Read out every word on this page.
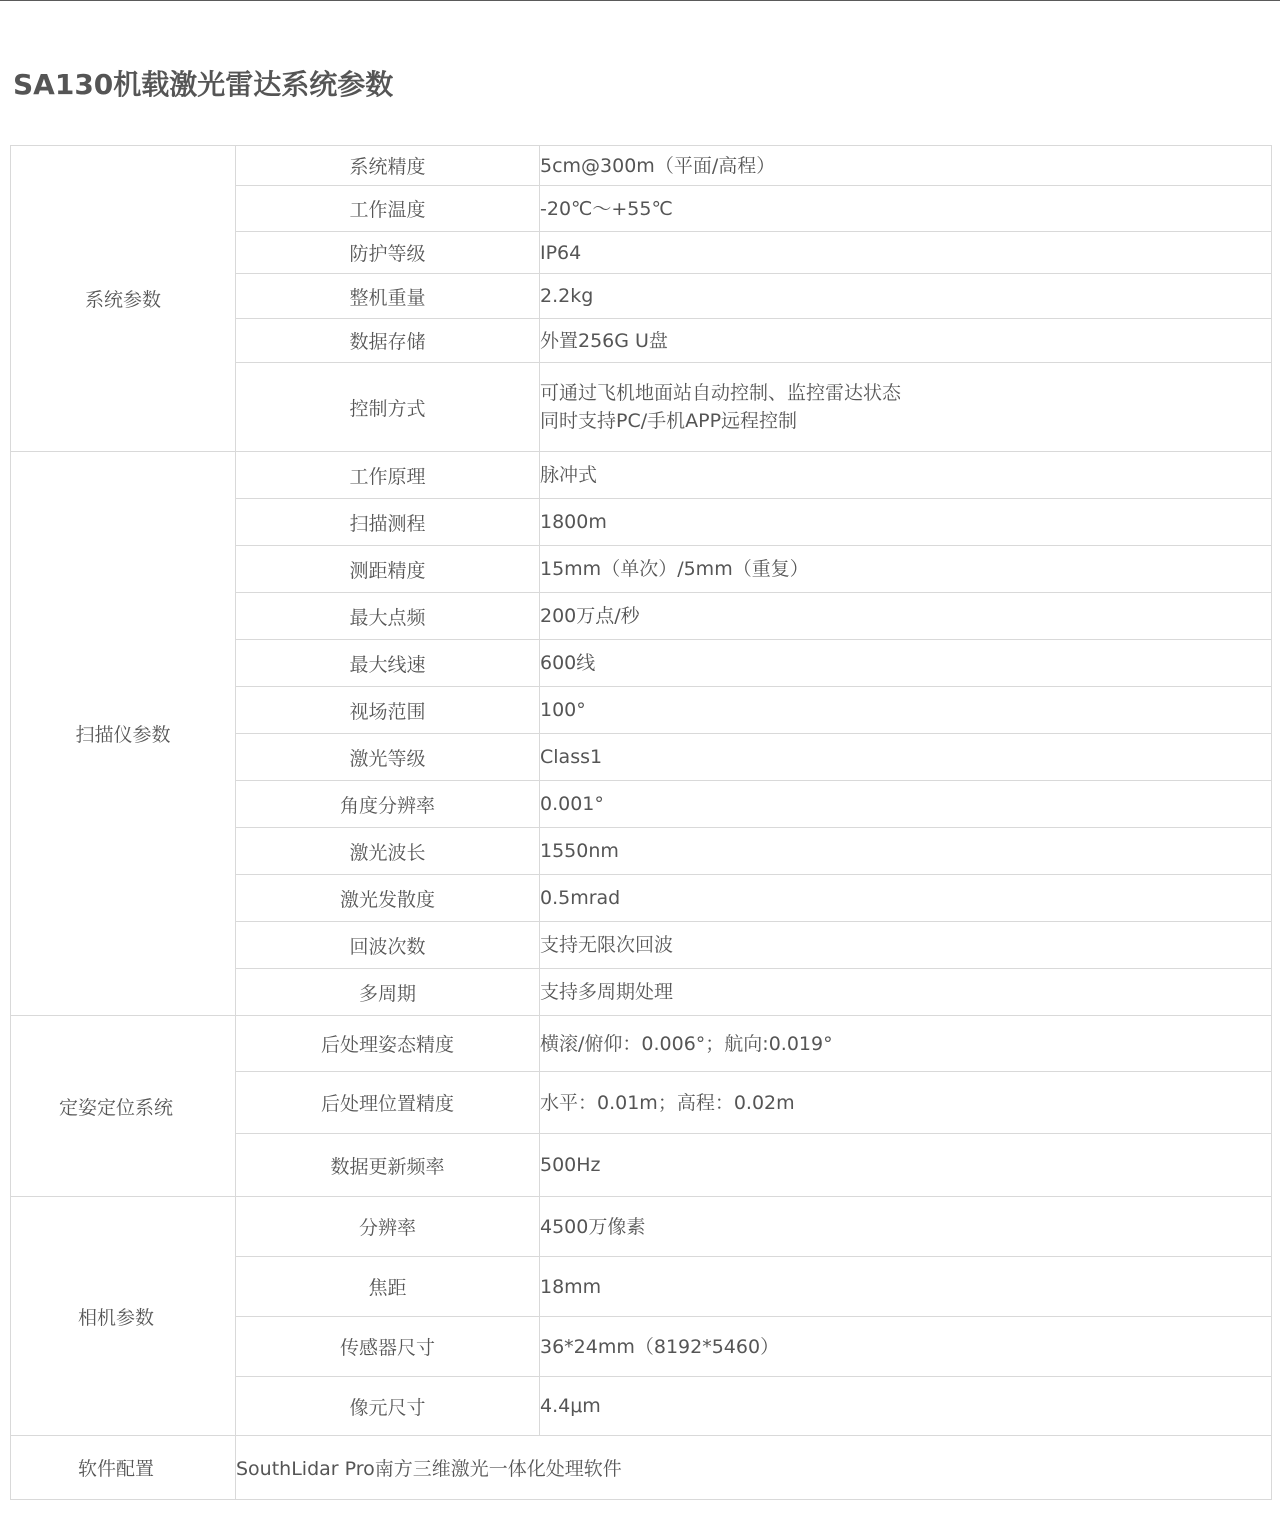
SA130机载激光雷达系统参数
系统参数	系统精度	5cm@300m（平面/高程）
	工作温度	-20℃～+55℃
	防护等级	IP64
	整机重量	2.2kg
	数据存储	外置256G U盘
	控制方式	可通过飞机地面站自动控制、监控雷达状态
同时支持PC/手机APP远程控制

扫描仪参数	工作原理	脉冲式
	扫描测程	1800m
	测距精度	15mm（单次）/5mm（重复）
	最大点频	200万点/秒
	最大线速	600线
	视场范围	100°
	激光等级	Class1
	角度分辨率	0.001°
	激光波长	1550nm
	激光发散度	0.5mrad
	回波次数	支持无限次回波
	多周期	支持多周期处理
定姿定位系统	后处理姿态精度	横滚/俯仰：0.006°；航向:0.019°
	后处理位置精度	水平：0.01m；高程：0.02m
	数据更新频率	500Hz
相机参数	分辨率	4500万像素
	焦距	18mm
	传感器尺寸	36*24mm（8192*5460）
	像元尺寸	4.4μm
软件配置	SouthLidar Pro南方三维激光一体化处理软件	
